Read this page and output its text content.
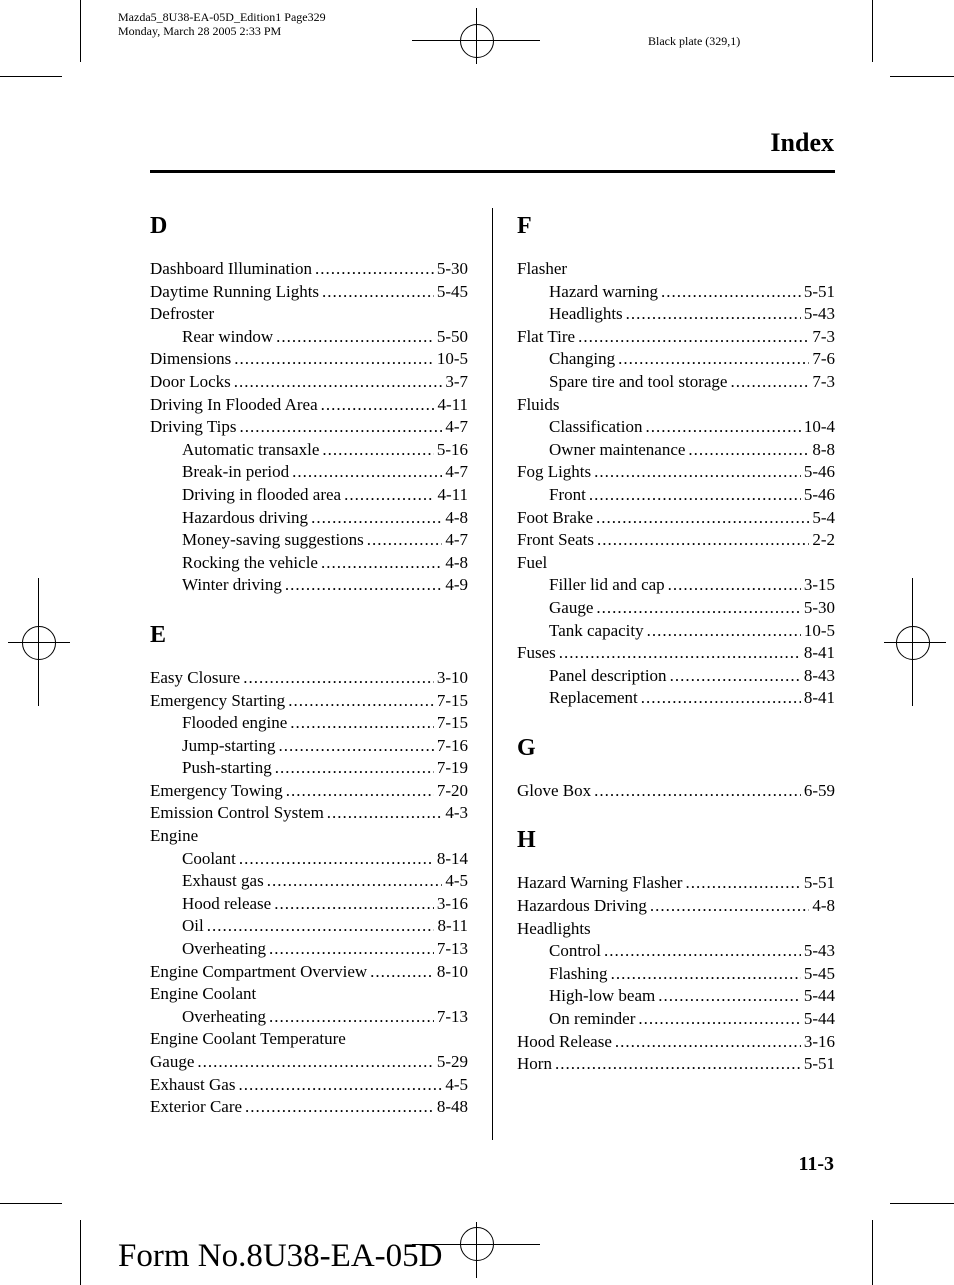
Mazda5_8U38-EA-05D_Edition1 Page329
Monday, March 28 2005 2:33 PM
Black plate (329,1)
Index
D
Dashboard Illumination .....	5-30
Daytime Running Lights .....	5-45
Defroster
Rear window .....	5-50
Dimensions .....	10-5
Door Locks .....	3-7
Driving In Flooded Area .....	4-11
Driving Tips .....	4-7
Automatic transaxle .....	5-16
Break-in period .....	4-7
Driving in flooded area .....	4-11
Hazardous driving .....	4-8
Money-saving suggestions .....	4-7
Rocking the vehicle .....	4-8
Winter driving .....	4-9
E
Easy Closure .....	3-10
Emergency Starting .....	7-15
Flooded engine .....	7-15
Jump-starting .....	7-16
Push-starting .....	7-19
Emergency Towing .....	7-20
Emission Control System .....	4-3
Engine
Coolant .....	8-14
Exhaust gas .....	4-5
Hood release .....	3-16
Oil .....	8-11
Overheating .....	7-13
Engine Compartment Overview .....	8-10
Engine Coolant
Overheating .....	7-13
Engine Coolant Temperature
Gauge .....	5-29
Exhaust Gas .....	4-5
Exterior Care .....	8-48
F
Flasher
Hazard warning .....	5-51
Headlights .....	5-43
Flat Tire .....	7-3
Changing .....	7-6
Spare tire and tool storage .....	7-3
Fluids
Classification .....	10-4
Owner maintenance .....	8-8
Fog Lights .....	5-46
Front .....	5-46
Foot Brake .....	5-4
Front Seats .....	2-2
Fuel
Filler lid and cap .....	3-15
Gauge .....	5-30
Tank capacity .....	10-5
Fuses .....	8-41
Panel description .....	8-43
Replacement .....	8-41
G
Glove Box .....	6-59
H
Hazard Warning Flasher .....	5-51
Hazardous Driving .....	4-8
Headlights
Control .....	5-43
Flashing .....	5-45
High-low beam .....	5-44
On reminder .....	5-44
Hood Release .....	3-16
Horn .....	5-51
11-3
Form No.8U38-EA-05D
